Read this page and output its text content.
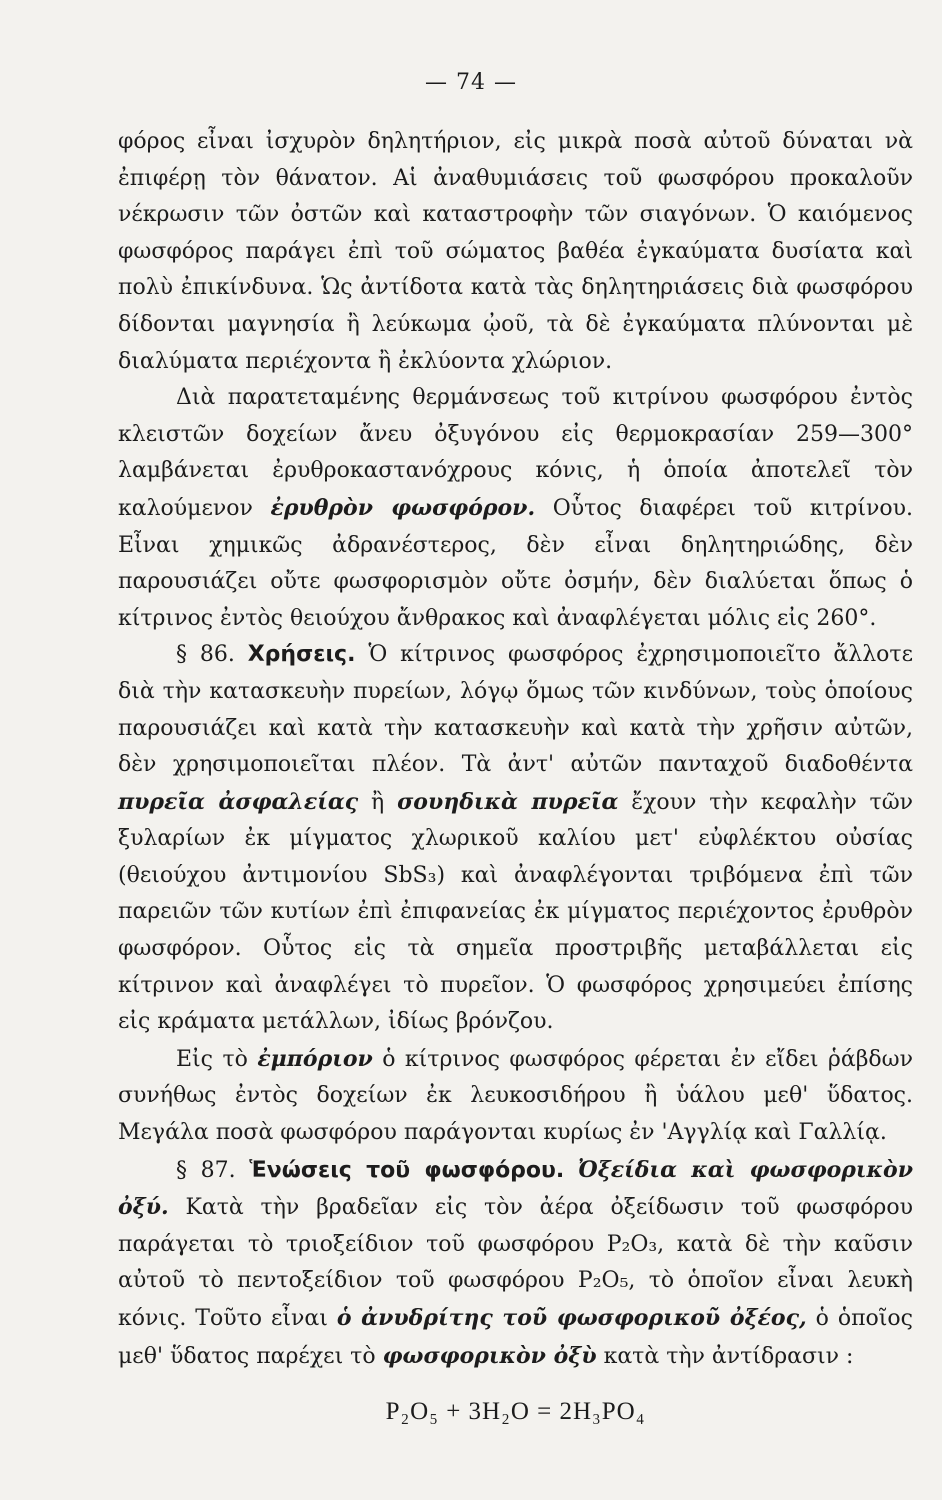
— 74 —

φόρος εἶναι ἰσχυρὸν δηλητήριον, εἰς μικρὰ ποσὰ αὐτοῦ δύναται νὰ ἐπιφέρῃ τὸν θάνατον. Αἱ ἀναθυμιάσεις τοῦ φωσφόρου προκαλοῦν νέκρωσιν τῶν ὀστῶν καὶ καταστροφὴν τῶν σιαγόνων. Ὁ καιόμενος φωσφόρος παράγει ἐπὶ τοῦ σώματος βαθέα ἐγκαύματα δυσίατα καὶ πολὺ ἐπικίνδυνα. Ὡς ἀντίδοτα κατὰ τὰς δηλητηριάσεις διὰ φωσφόρου δίδονται μαγνησία ἢ λεύκωμα ᾠοῦ, τὰ δὲ ἐγκαύματα πλύνονται μὲ διαλύματα περιέχοντα ἢ ἐκλύοντα χλώριον.

Διὰ παρατεταμένης θερμάνσεως τοῦ κιτρίνου φωσφόρου ἐντὸς κλειστῶν δοχείων ἄνευ ὀξυγόνου εἰς θερμοκρασίαν 259—300° λαμβάνεται ἐρυθροκαστανόχρους κόνις, ἡ ὁποία ἀποτελεῖ τὸν καλούμενον ἐρυθρὸν φωσφόρον. Οὗτος διαφέρει τοῦ κιτρίνου. Εἶναι χημικῶς ἀδρανέστερος, δὲν εἶναι δηλητηριώδης, δὲν παρουσιάζει οὔτε φωσφορισμὸν οὔτε ὀσμήν, δὲν διαλύεται ὅπως ὁ κίτρινος ἐντὸς θειούχου ἄνθρακος καὶ ἀναφλέγεται μόλις εἰς 260°.

§ 86. Χρήσεις. Ὁ κίτρινος φωσφόρος ἐχρησιμοποιεῖτο ἄλλοτε διὰ τὴν κατασκευὴν πυρείων, λόγῳ ὅμως τῶν κινδύνων, τοὺς ὁποίους παρουσιάζει καὶ κατὰ τὴν κατασκευὴν καὶ κατὰ τὴν χρῆσιν αὐτῶν, δὲν χρησιμοποιεῖται πλέον. Τὰ ἀντ' αὐτῶν πανταχοῦ διαδοθέντα πυρεῖα ἀσφαλείας ἢ σουηδικὰ πυρεῖα ἔχουν τὴν κεφαλὴν τῶν ξυλαρίων ἐκ μίγματος χλωρικοῦ καλίου μετ' εὐφλέκτου οὐσίας (θειούχου ἀντιμονίου SbS₃) καὶ ἀναφλέγονται τριβόμενα ἐπὶ τῶν παρειῶν τῶν κυτίων ἐπὶ ἐπιφανείας ἐκ μίγματος περιέχοντος ἐρυθρὸν φωσφόρον. Οὗτος εἰς τὰ σημεῖα προστριβῆς μεταβάλλεται εἰς κίτρινον καὶ ἀναφλέγει τὸ πυρεῖον. Ὁ φωσφόρος χρησιμεύει ἐπίσης εἰς κράματα μετάλλων, ἰδίως βρόνζου.

Εἰς τὸ ἐμπόριον ὁ κίτρινος φωσφόρος φέρεται ἐν εἴδει ῥάβδων συνήθως ἐντὸς δοχείων ἐκ λευκοσιδήρου ἢ ὑάλου μεθ' ὕδατος. Μεγάλα ποσὰ φωσφόρου παράγονται κυρίως ἐν 'Αγγλίᾳ καὶ Γαλλίᾳ.

§ 87. Ἑνώσεις τοῦ φωσφόρου. Ὀξείδια καὶ φωσφορικὸν ὀξύ. Κατὰ τὴν βραδεῖαν εἰς τὸν ἀέρα ὀξείδωσιν τοῦ φωσφόρου παράγεται τὸ τριοξείδιον τοῦ φωσφόρου P₂O₃, κατὰ δὲ τὴν καῦσιν αὐτοῦ τὸ πεντοξείδιον τοῦ φωσφόρου P₂O₅, τὸ ὁποῖον εἶναι λευκὴ κόνις. Τοῦτο εἶναι ὁ ἀνυδρίτης τοῦ φωσφορικοῦ ὀξέος, ὁ ὁποῖος μεθ' ὕδατος παρέχει τὸ φωσφορικὸν ὀξὺ κατὰ τὴν ἀντίδρασιν :

P₂O₅ + 3H₂O = 2H₃PO₄
